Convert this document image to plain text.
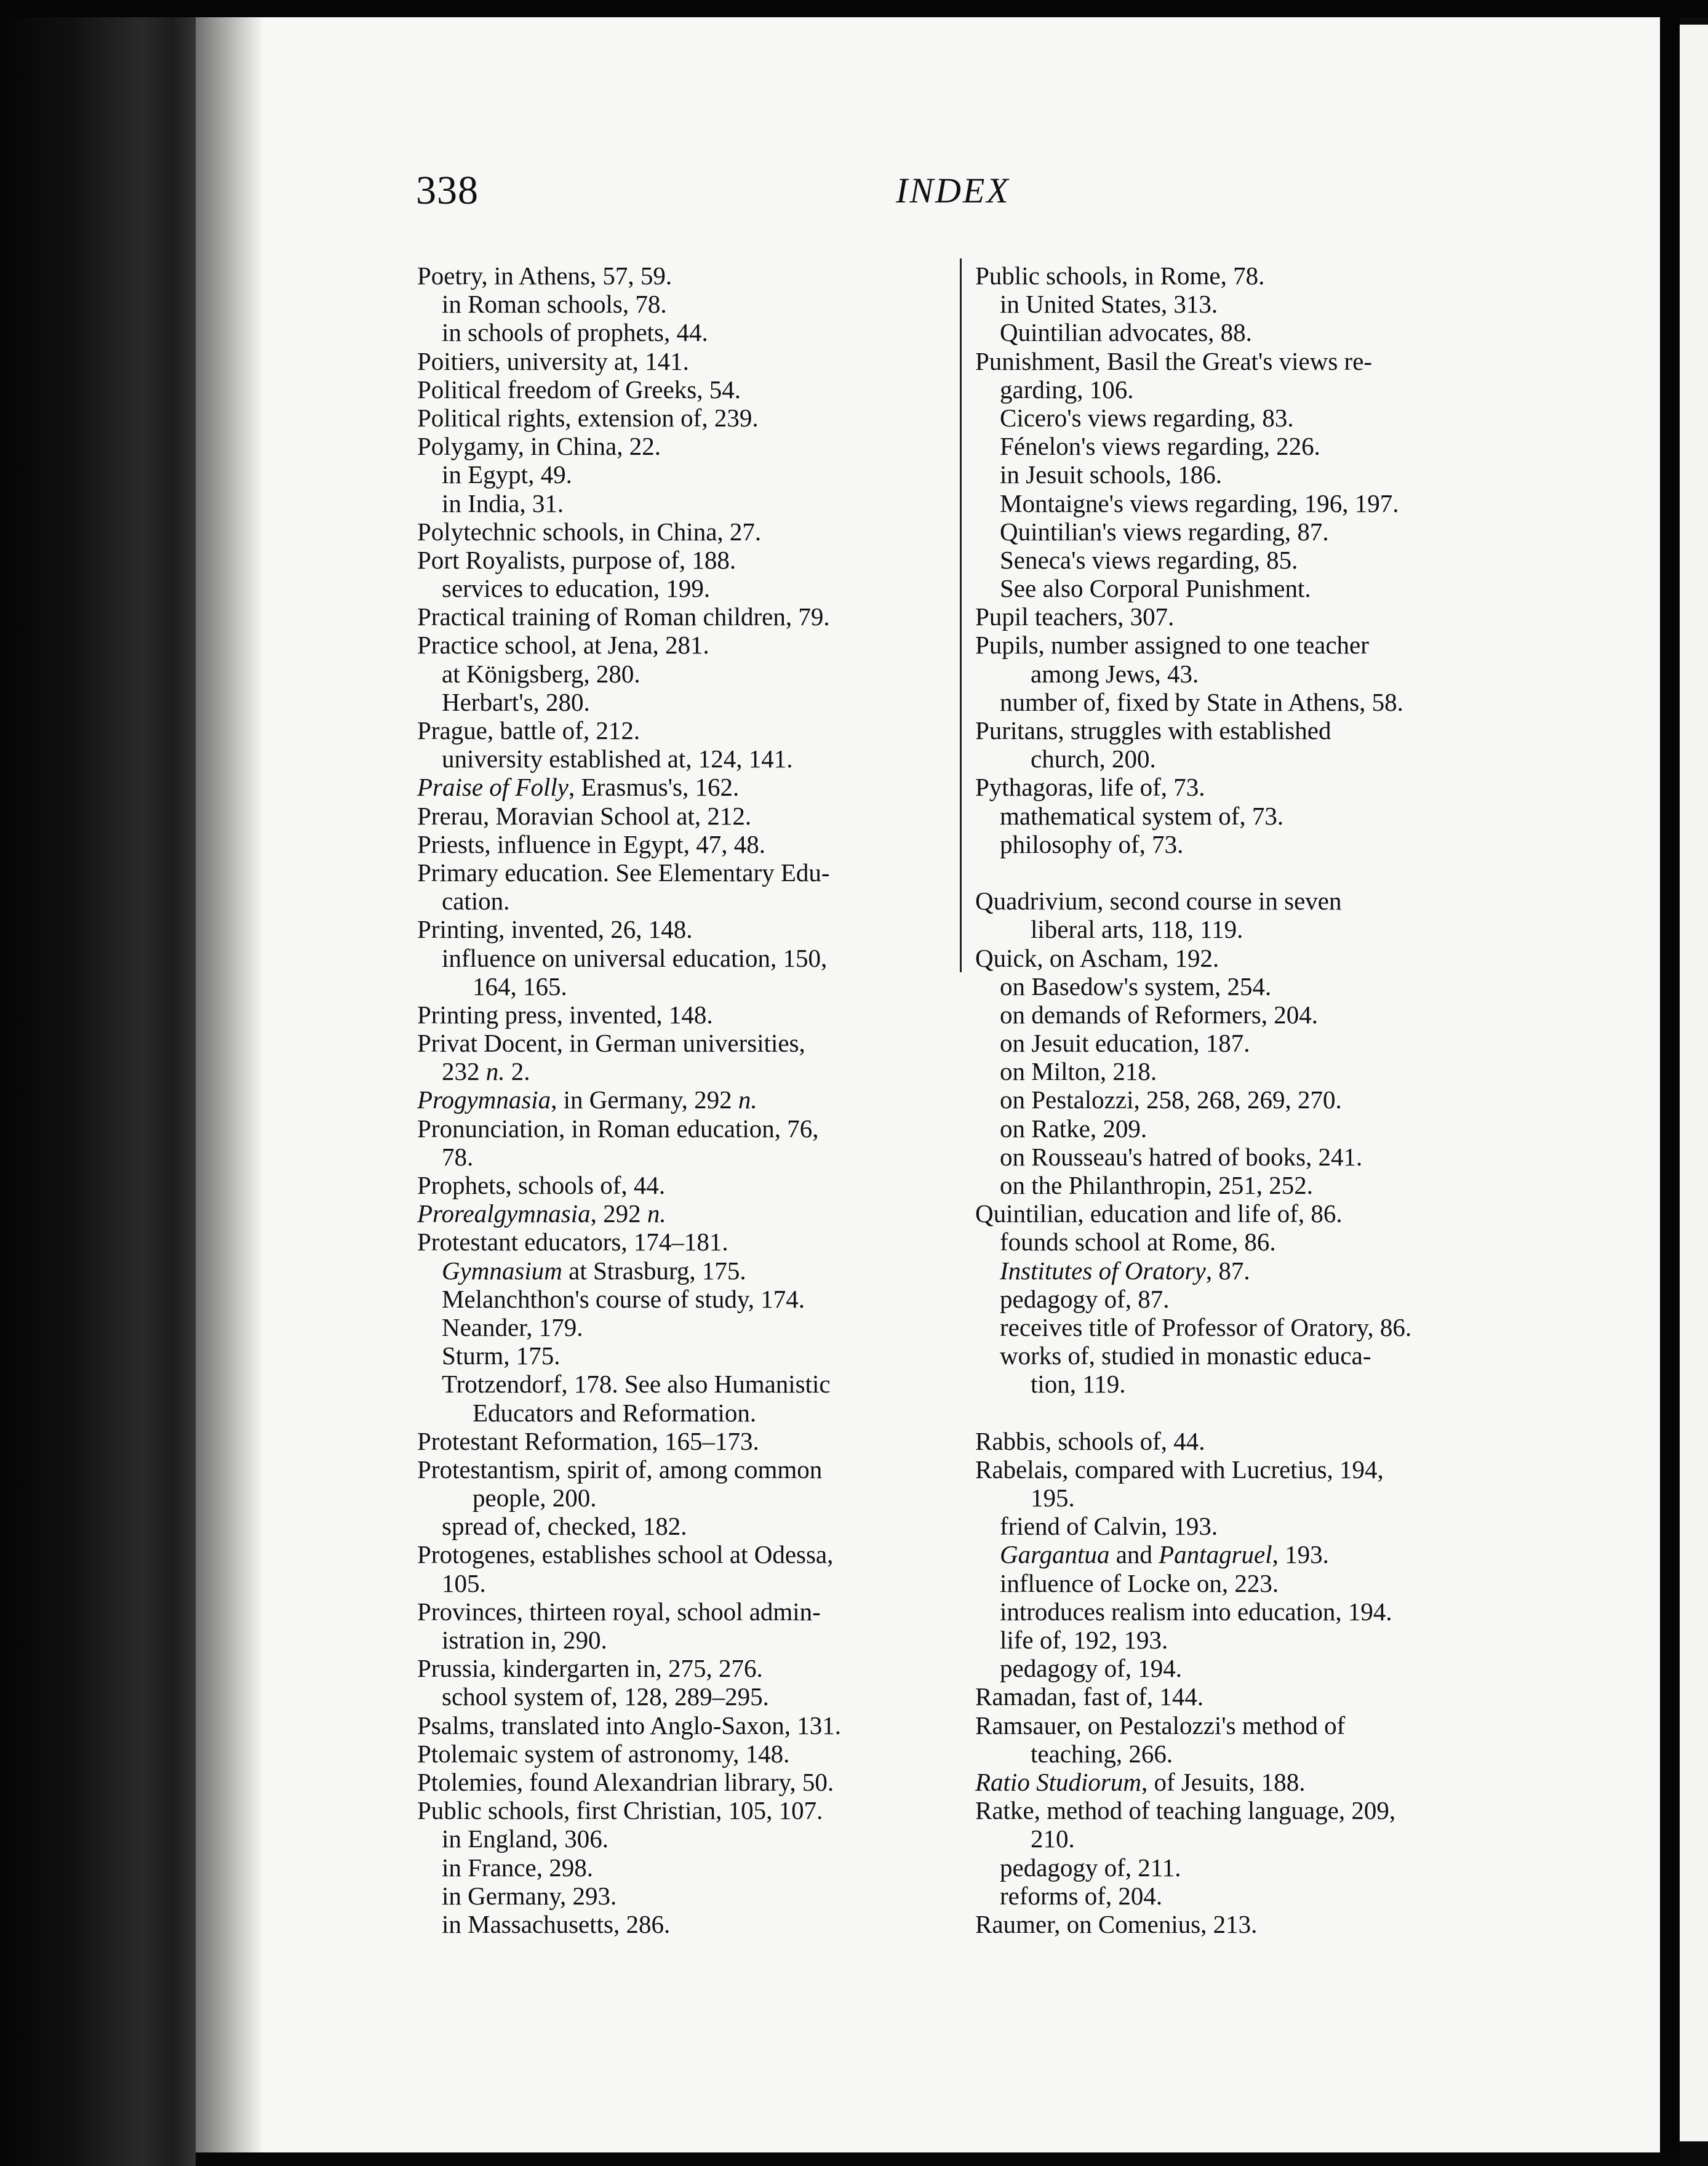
338	INDEX
Poetry, in Athens, 57, 59.
in Roman schools, 78.
in schools of prophets, 44.
Poitiers, university at, 141.
Political freedom of Greeks, 54.
Political rights, extension of, 239.
Polygamy, in China, 22.
in Egypt, 49.
in India, 31.
Polytechnic schools, in China, 27.
Port Royalists, purpose of, 188.
services to education, 199.
Practical training of Roman children, 79.
Practice school, at Jena, 281.
at Königsberg, 280.
Herbart's, 280.
Prague, battle of, 212.
university established at, 124, 141.
Praise of Folly, Erasmus's, 162.
Prerau, Moravian School at, 212.
Priests, influence in Egypt, 47, 48.
Primary education. See Elementary Edu-
cation.
Printing, invented, 26, 148.
influence on universal education, 150,
164, 165.
Printing press, invented, 148.
Privat Docent, in German universities,
232 n. 2.
Progymnasia, in Germany, 292 n.
Pronunciation, in Roman education, 76,
78.
Prophets, schools of, 44.
Prorealgymnasia, 292 n.
Protestant educators, 174–181.
Gymnasium at Strasburg, 175.
Melanchthon's course of study, 174.
Neander, 179.
Sturm, 175.
Trotzendorf, 178. See also Humanistic
Educators and Reformation.
Protestant Reformation, 165–173.
Protestantism, spirit of, among common
people, 200.
spread of, checked, 182.
Protogenes, establishes school at Odessa,
105.
Provinces, thirteen royal, school admin-
istration in, 290.
Prussia, kindergarten in, 275, 276.
school system of, 128, 289–295.
Psalms, translated into Anglo-Saxon, 131.
Ptolemaic system of astronomy, 148.
Ptolemies, found Alexandrian library, 50.
Public schools, first Christian, 105, 107.
in England, 306.
in France, 298.
in Germany, 293.
in Massachusetts, 286.
Public schools, in Rome, 78.
in United States, 313.
Quintilian advocates, 88.
Punishment, Basil the Great's views re-
garding, 106.
Cicero's views regarding, 83.
Fénelon's views regarding, 226.
in Jesuit schools, 186.
Montaigne's views regarding, 196, 197.
Quintilian's views regarding, 87.
Seneca's views regarding, 85.
See also Corporal Punishment.
Pupil teachers, 307.
Pupils, number assigned to one teacher
among Jews, 43.
number of, fixed by State in Athens, 58.
Puritans, struggles with established
church, 200.
Pythagoras, life of, 73.
mathematical system of, 73.
philosophy of, 73.
Quadrivium, second course in seven
liberal arts, 118, 119.
Quick, on Ascham, 192.
on Basedow's system, 254.
on demands of Reformers, 204.
on Jesuit education, 187.
on Milton, 218.
on Pestalozzi, 258, 268, 269, 270.
on Ratke, 209.
on Rousseau's hatred of books, 241.
on the Philanthropin, 251, 252.
Quintilian, education and life of, 86.
founds school at Rome, 86.
Institutes of Oratory, 87.
pedagogy of, 87.
receives title of Professor of Oratory, 86.
works of, studied in monastic educa-
tion, 119.
Rabbis, schools of, 44.
Rabelais, compared with Lucretius, 194,
195.
friend of Calvin, 193.
Gargantua and Pantagruel, 193.
influence of Locke on, 223.
introduces realism into education, 194.
life of, 192, 193.
pedagogy of, 194.
Ramadan, fast of, 144.
Ramsauer, on Pestalozzi's method of
teaching, 266.
Ratio Studiorum, of Jesuits, 188.
Ratke, method of teaching language, 209,
210.
pedagogy of, 211.
reforms of, 204.
Raumer, on Comenius, 213.
